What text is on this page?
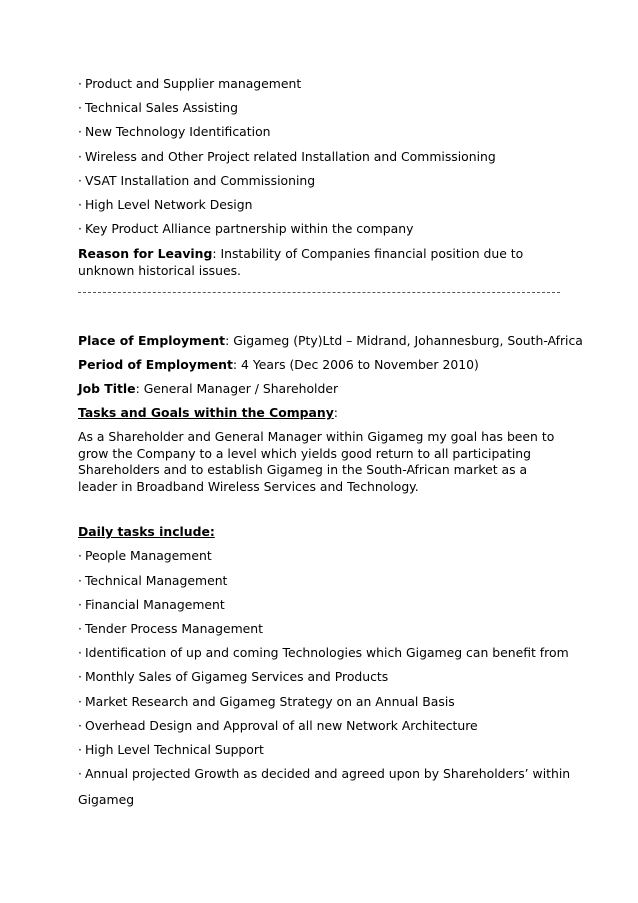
· Product and Supplier management
· Technical Sales Assisting
· New Technology Identification
· Wireless and Other Project related Installation and Commissioning
· VSAT Installation and Commissioning
· High Level Network Design
· Key Product Alliance partnership within the company
Reason for Leaving: Instability of Companies financial position due to unknown historical issues.
Place of Employment: Gigameg (Pty)Ltd – Midrand, Johannesburg, South-Africa
Period of Employment: 4 Years (Dec 2006 to November 2010)
Job Title: General Manager / Shareholder
Tasks and Goals within the Company:
As a Shareholder and General Manager within Gigameg my goal has been to grow the Company to a level which yields good return to all participating Shareholders and to establish Gigameg in the South-African market as a leader in Broadband Wireless Services and Technology.
Daily tasks include:
· People Management
· Technical Management
· Financial Management
· Tender Process Management
· Identification of up and coming Technologies which Gigameg can benefit from
· Monthly Sales of Gigameg Services and Products
· Market Research and Gigameg Strategy on an Annual Basis
· Overhead Design and Approval of all new Network Architecture
· High Level Technical Support
· Annual projected Growth as decided and agreed upon by Shareholders’ within
Gigameg
